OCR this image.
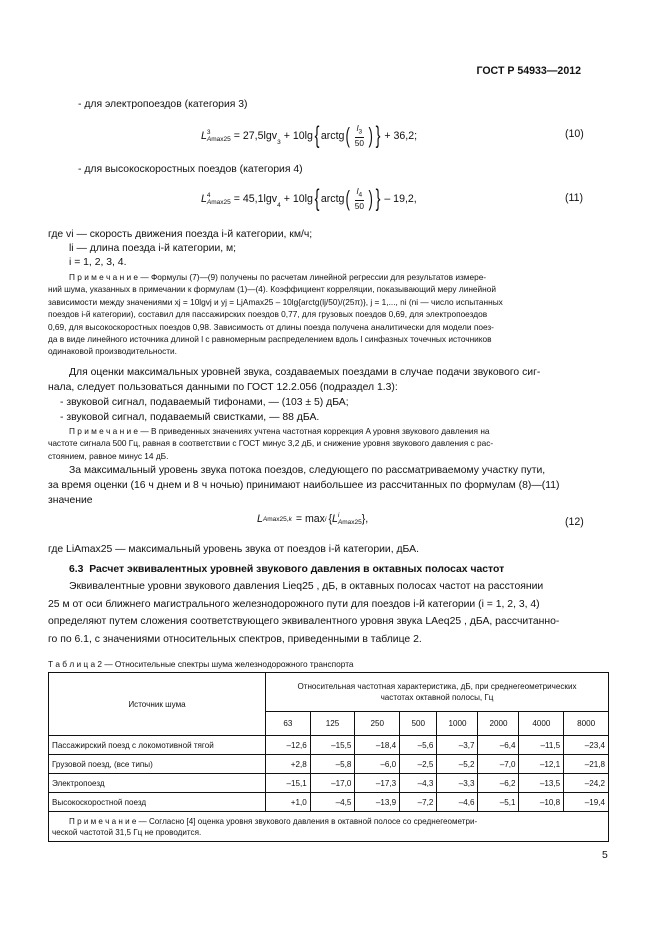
ГОСТ Р 54933—2012
- для электропоездов (категория 3)
L 3
Amax25 = 27,5lgv
$_3$
+ 10lg { arctg ( $\frac{l_3}{50}$ ) } + 36,2;	(10)
- для высокоскоростных поездов (категория 4)
L 4
Amax25 = 45,1lgv
$_4$
+ 10lg { arctg ( $\frac{l_4}{50}$ ) } – 19,2,	(11)
где vi — скорость движения поезда i-й категории, км/ч;
li — длина поезда i-й категории, м;
i = 1, 2, 3, 4.
П р и м е ч а н и е — Формулы (7)—(9) получены по расчетам линейной регрессии для результатов измере-
ний шума, указанных в примечании к формулам (1)—(4). Коэффициент корреляции, показывающий меру линейной
зависимости между значениями xj = 10lgvj и yj = LjAmax25 – 10lg{arctg(lj/50)/(25π)}, j = 1,..., ni (ni — число испытанных
поездов i-й категории), составил для пассажирских поездов 0,77, для грузовых поездов 0,69, для электропоездов
0,69, для высокоскоростных поездов 0,98. Зависимость от длины поезда получена аналитически для модели поез-
да в виде линейного источника длиной l с равномерным распределением вдоль l синфазных точечных источников
одинаковой производительности.
Для оценки максимальных уровней звука, создаваемых поездами в случае подачи звукового сиг-
нала, следует пользоваться данными по ГОСТ 12.2.056 (подраздел 1.3):
- звуковой сигнал, подаваемый тифонами, — (103 ± 5) дБА;
- звуковой сигнал, подаваемый свистками, — 88 дБА.
П р и м е ч а н и е — В приведенных значениях учтена частотная коррекция A уровня звукового давления на
частоте сигнала 500 Гц, равная в соответствии с ГОСТ минус 3,2 дБ, и снижение уровня звукового давления с рас-
стоянием, равное минус 14 дБ.
За максимальный уровень звука потока поездов, следующего по рассматриваемому участку пути,
за время оценки (16 ч днем и 8 ч ночью) принимают наибольшее из рассчитанных по формулам (8)—(11)
значение
L Amax25,k = max i {L i
Amax25 },	(12)
где LiAmax25 — максимальный уровень звука от поездов i-й категории, дБА.
6.3 Расчет эквивалентных уровней звукового давления в октавных полосах частот
Эквивалентные уровни звукового давления Lieq25 , дБ, в октавных полосах частот на расстоянии
25 м от оси ближнего магистрального железнодорожного пути для поездов i-й категории (i = 1, 2, 3, 4)
определяют путем сложения соответствующего эквивалентного уровня звука LAeq25 , дБА, рассчитанно-
го по 6.1, с значениями относительных спектров, приведенными в таблице 2.
Т а б л и ц а 2 — Относительные спектры шума железнодорожного транспорта
Источник шума	Относительная частотная характеристика, дБ, при среднегеометрических
частотах октавной полосы, Гц							

	63	125	250	500	1000	2000	4000	8000
Пассажирский поезд с локомотивной тягой	–12,6	–15,5	–18,4	–5,6	–3,7	–6,4	–11,5	–23,4
Грузовой поезд, (все типы)	+2,8	–5,8	–6,0	–2,5	–5,2	–7,0	–12,1	–21,8
Электропоезд	–15,1	–17,0	–17,3	–4,3	–3,3	–6,2	–13,5	–24,2
Высокоскоростной поезд	+1,0	–4,5	–13,9	–7,2	–4,6	–5,1	–10,8	–19,4

П р и м е ч а н и е — Согласно [4] оценка уровня звукового давления в октавной полосе со среднегеометри-
ческой частотой 31,5 Гц не проводится.								
5
